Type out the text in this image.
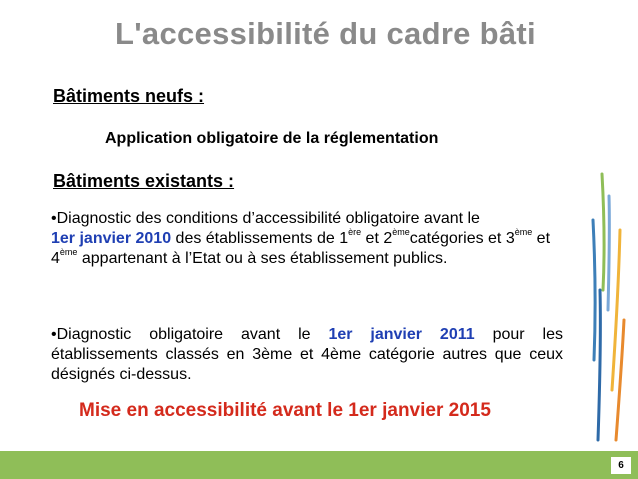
L'accessibilité du cadre bâti
Bâtiments neufs :
Application obligatoire de la réglementation
Bâtiments existants :
•Diagnostic des conditions d’accessibilité obligatoire avant le
1er janvier 2010 des établissements de 1ère et 2èmecatégories et 3ème et 4ème appartenant à l’Etat ou à ses établissement publics.
•Diagnostic obligatoire avant le 1er janvier 2011 pour les établissements classés en 3ème et 4ème catégorie autres que ceux désignés ci-dessus.
Mise en accessibilité avant le 1er janvier 2015
6
